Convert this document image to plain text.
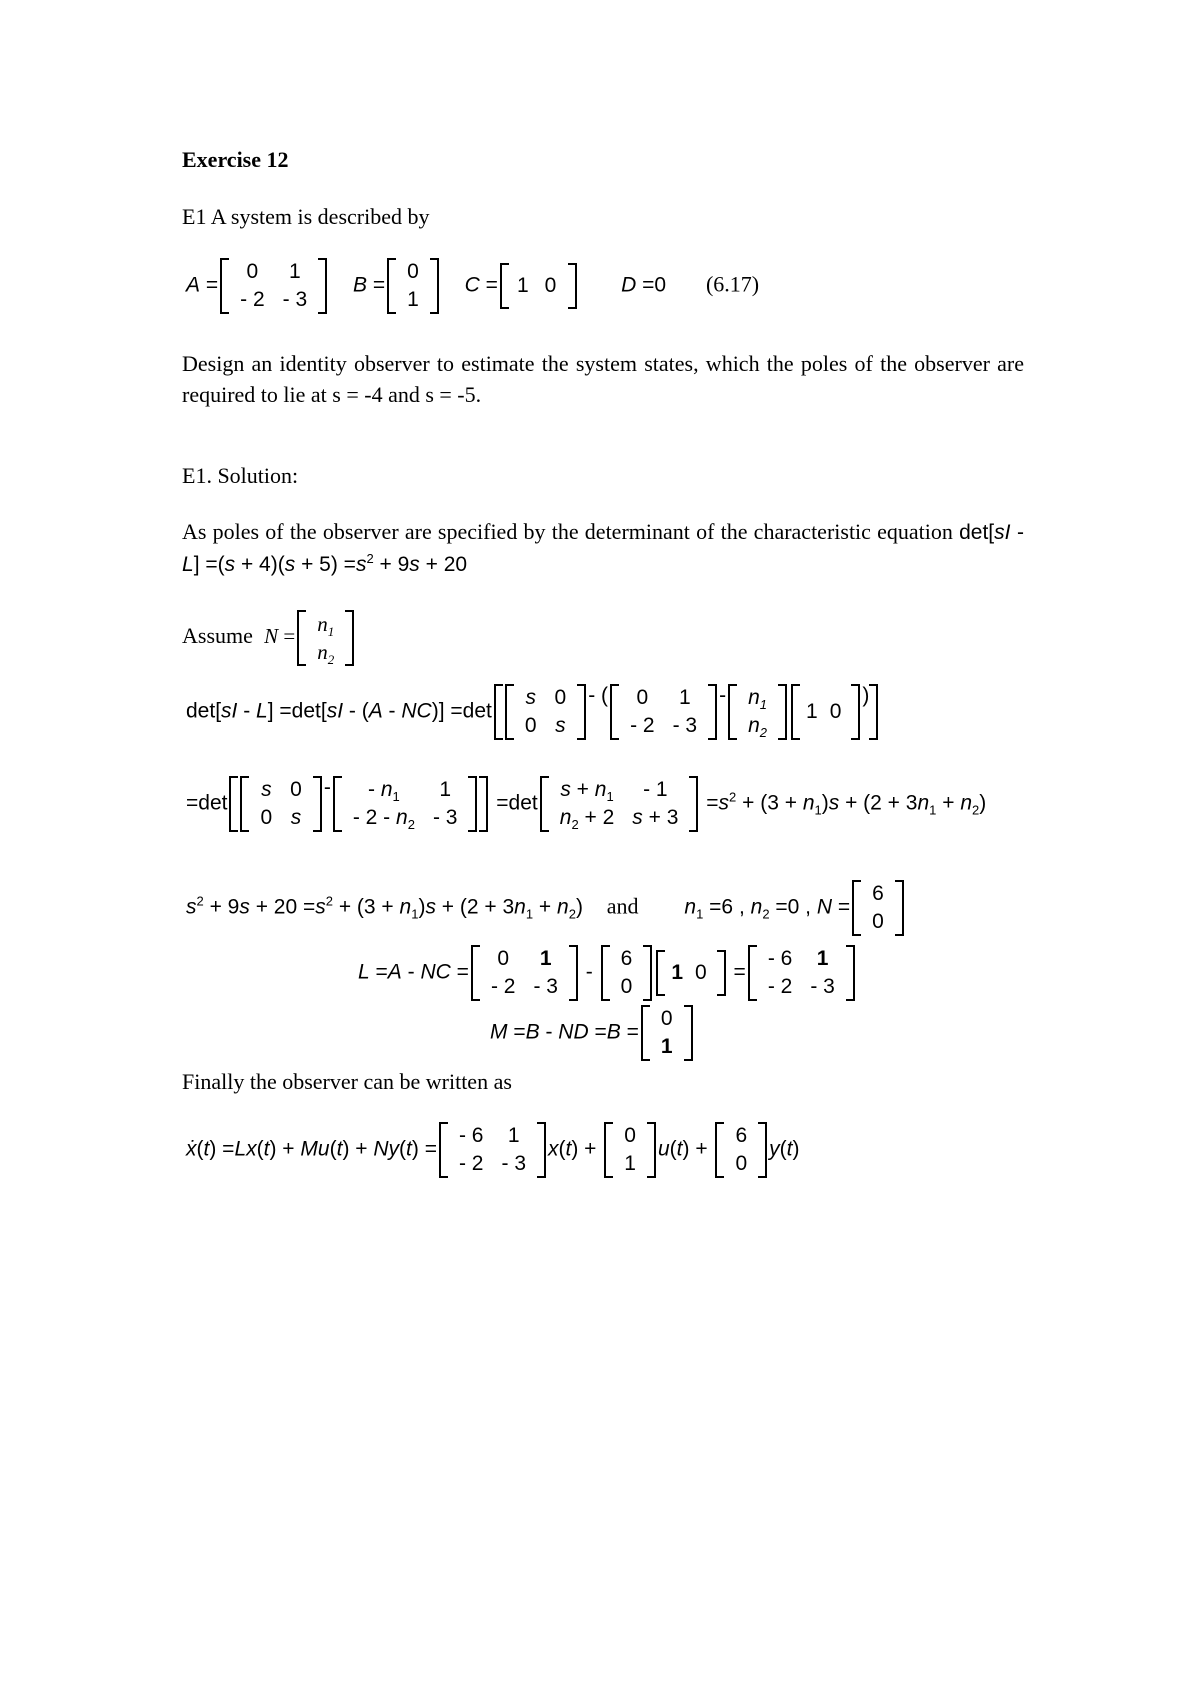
Exercise 12
E1 A system is described by
A =
0	1
- 2	- 3
B =
0
1
C = 1	0	D =0 (6.17)
Design an identity observer to estimate the system states, which the poles of the observer are required to lie at s = -4 and s = -5.
E1. Solution:
As poles of the observer are specified by the determinant of the characteristic equation $\det[sI - L] =(s + 4)(s + 5) =s^2 + 9s + 20$
Assume $N = n_1$
$n_2$
det[sI - L] =det[sI - (A - NC)] =det
s	0
0	s
- ( 0	1
- 2	- 3
- $n_1$
$n_2$
1	0
)
=det
s	0
0	s
- - $n_1$	1
- $2 - n_2$	- 3
=det
$s + n_1$	- 1
$n_2 + 2$	s + 3
$=s^2 + (3 + n_1)s + (2 + 3n_1 + n_2)$
$s^2 + 9s + 20 =s^2 + (3 + n_1)s + (2 + 3n_1 + n_2)$ and $n_1 =6$ , $n_2 =0$ , N =
6
0
L =A - NC =
0	1
- 2	- 3
-
6
0
1	0 =
- 6	1
- 2	- 3
M =B - ND =B =
0
1
Finally the observer can be written as
ẋ(t) =Lx(t) + Mu(t) + Ny(t) =
- 6	1
- 2	- 3
x(t) +
0
1
u(t) +
6
0
y(t)
